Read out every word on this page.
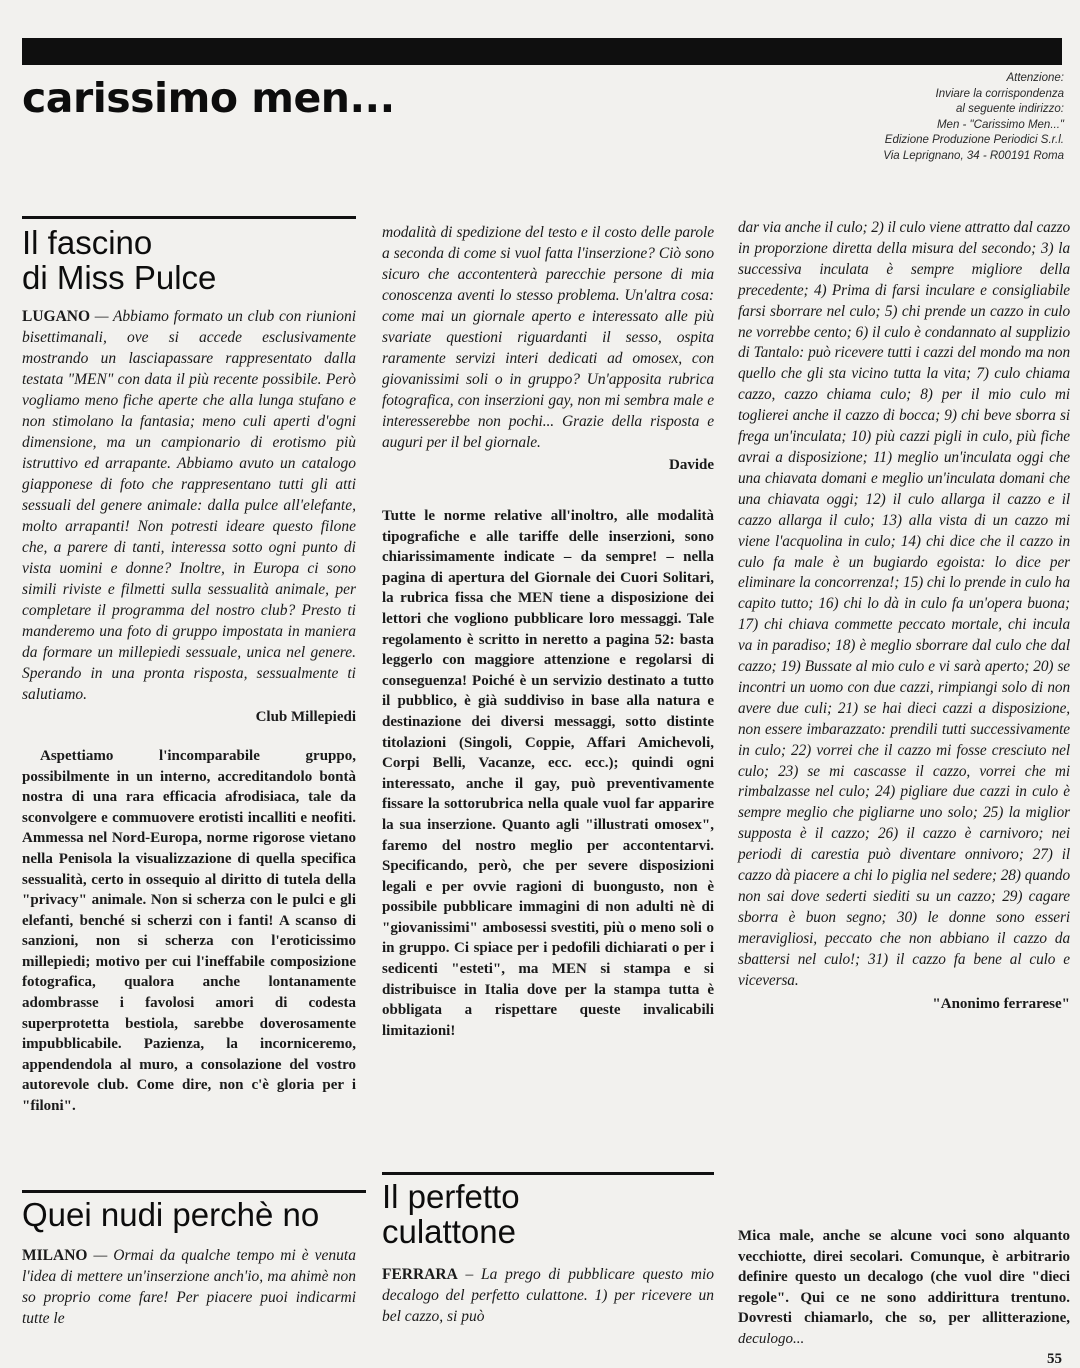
carissimo men...	Attenzione:
Inviare la corrispondenza
al seguente indirizzo:
Men - "Carissimo Men..."
Edizione Produzione Periodici S.r.l.
Via Leprignano, 34 - R00191 Roma
Il fascino
di Miss Pulce

LUGANO — Abbiamo formato un club con riunioni bisettimanali, ove si accede esclusivamente mostrando un lasciapassare rappresentato dalla testata "MEN" con data il più recente possibile. Però vogliamo meno fiche aperte che alla lunga stufano e non stimolano la fantasia; meno culi aperti d'ogni dimensione, ma un campionario di erotismo più istruttivo ed arrapante. Abbiamo avuto un catalogo giapponese di foto che rappresentano tutti gli atti sessuali del genere animale: dalla pulce all'elefante, molto arrapanti! Non potresti ideare questo filone che, a parere di tanti, interessa sotto ogni punto di vista uomini e donne? Inoltre, in Europa ci sono simili riviste e filmetti sulla sessualità animale, per completare il programma del nostro club? Presto ti manderemo una foto di gruppo impostata in maniera da formare un millepiedi sessuale, unica nel genere. Sperando in una pronta risposta, sessualmente ti salutiamo.

Club Millepiedi

Aspettiamo l'incomparabile gruppo, possibilmente in un interno, accreditandolo bontà nostra di una rara efficacia afrodisiaca, tale da sconvolgere e commuovere erotisti incalliti e neofiti. Ammessa nel Nord-Europa, norme rigorose vietano nella Penisola la visualizzazione di quella specifica sessualità, certo in ossequio al diritto di tutela della "privacy" animale. Non si scherza con le pulci e gli elefanti, benché si scherzi con i fanti! A scanso di sanzioni, non si scherza con l'eroticissimo millepiedi; motivo per cui l'ineffabile composizione fotografica, qualora anche lontanamente adombrasse i favolosi amori di codesta superprotetta bestiola, sarebbe doverosamente impubblicabile. Pazienza, la incorniceremo, appendendola al muro, a consolazione del vostro autorevole club. Come dire, non c'è gloria per i "filoni".

Quei nudi perchè no

MILANO — Ormai da qualche tempo mi è venuta l'idea di mettere un'inserzione anch'io, ma ahimè non so proprio come fare! Per piacere puoi indicarmi tutte le

modalità di spedizione del testo e il costo delle parole a seconda di come si vuol fatta l'inserzione? Ciò sono sicuro che accontenterà parecchie persone di mia conoscenza aventi lo stesso problema. Un'altra cosa: come mai un giornale aperto e interessato alle più svariate questioni riguardanti il sesso, ospita raramente servizi interi dedicati ad omosex, con giovanissimi soli o in gruppo? Un'apposita rubrica fotografica, con inserzioni gay, non mi sembra male e interesserebbe non pochi... Grazie della risposta e auguri per il bel giornale.

Davide

Tutte le norme relative all'inoltro, alle modalità tipografiche e alle tariffe delle inserzioni, sono chiarissimamente indicate – da sempre! – nella pagina di apertura del Giornale dei Cuori Solitari, la rubrica fissa che MEN tiene a disposizione dei lettori che vogliono pubblicare loro messaggi. Tale regolamento è scritto in neretto a pagina 52: basta leggerlo con maggiore attenzione e regolarsi di conseguenza! Poiché è un servizio destinato a tutto il pubblico, è già suddiviso in base alla natura e destinazione dei diversi messaggi, sotto distinte titolazioni (Singoli, Coppie, Affari Amichevoli, Corpi Belli, Vacanze, ecc. ecc.); quindi ogni interessato, anche il gay, può preventivamente fissare la sottorubrica nella quale vuol far apparire la sua inserzione. Quanto agli "illustrati omosex", faremo del nostro meglio per accontentarvi. Specificando, però, che per severe disposizioni legali e per ovvie ragioni di buongusto, non è possibile pubblicare immagini di non adulti nè di "giovanissimi" ambosessi svestiti, più o meno soli o in gruppo. Ci spiace per i pedofili dichiarati o per i sedicenti "esteti", ma MEN si stampa e si distribuisce in Italia dove per la stampa tutta è obbligata a rispettare queste invalicabili limitazioni!

Il perfetto
culattone

FERRARA – La prego di pubblicare questo mio decalogo del perfetto culattone. 1) per ricevere un bel cazzo, si può

dar via anche il culo; 2) il culo viene attratto dal cazzo in proporzione diretta della misura del secondo; 3) la successiva inculata è sempre migliore della precedente; 4) Prima di farsi inculare e consigliabile farsi sborrare nel culo; 5) chi prende un cazzo in culo ne vorrebbe cento; 6) il culo è condannato al supplizio di Tantalo: può ricevere tutti i cazzi del mondo ma non quello che gli sta vicino tutta la vita; 7) culo chiama cazzo, cazzo chiama culo; 8) per il mio culo mi toglierei anche il cazzo di bocca; 9) chi beve sborra si frega un'inculata; 10) più cazzi pigli in culo, più fiche avrai a disposizione; 11) meglio un'inculata oggi che una chiavata domani e meglio un'inculata domani che una chiavata oggi; 12) il culo allarga il cazzo e il cazzo allarga il culo; 13) alla vista di un cazzo mi viene l'acquolina in culo; 14) chi dice che il cazzo in culo fa male è un bugiardo egoista: lo dice per eliminare la concorrenza!; 15) chi lo prende in culo ha capito tutto; 16) chi lo dà in culo fa un'opera buona; 17) chi chiava commette peccato mortale, chi incula va in paradiso; 18) è meglio sborrare dal culo che dal cazzo; 19) Bussate al mio culo e vi sarà aperto; 20) se incontri un uomo con due cazzi, rimpiangi solo di non avere due culi; 21) se hai dieci cazzi a disposizione, non essere imbarazzato: prendili tutti successivamente in culo; 22) vorrei che il cazzo mi fosse cresciuto nel culo; 23) se mi cascasse il cazzo, vorrei che mi rimbalzasse nel culo; 24) pigliare due cazzi in culo è sempre meglio che pigliarne uno solo; 25) la miglior supposta è il cazzo; 26) il cazzo è carnivoro; nei periodi di carestia può diventare onnivoro; 27) il cazzo dà piacere a chi lo piglia nel sedere; 28) quando non sai dove sederti siediti su un cazzo; 29) cagare sborra è buon segno; 30) le donne sono esseri meravigliosi, peccato che non abbiano il cazzo da sbattersi nel culo!; 31) il cazzo fa bene al culo e viceversa.

"Anonimo ferrarese"

Mica male, anche se alcune voci sono alquanto vecchiotte, direi secolari. Comunque, è arbitrario definire questo un decalogo (che vuol dire "dieci regole". Qui ce ne sono addirittura trentuno. Dovresti chiamarlo, che so, per allitterazione, deculogo...

55
